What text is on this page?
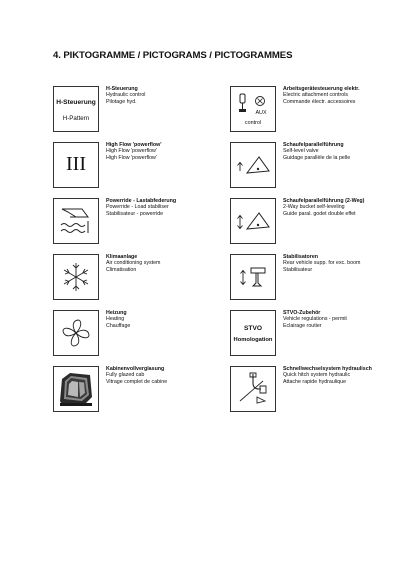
4. PIKTOGRAMME / PICTOGRAMS / PICTOGRAMMES
H-Steuerung
H-Pattern
H-Steuerung
Hydraulic control
Pilotage hyd.
AUX
control
Arbeitsgerätesteuerung elektr.
Electric attachment controls
Commande électr. accessoires
III
High Flow 'powerflow'
High Flow 'powerflow'
High Flow 'powerflow'
Schaufelparallelführung
Self-level valve
Guidage parallèle de la pelle
Powerride - Lastabfederung
Powerride - Load stabiliser
Stabilisateur - powerride
Schaufelparallelführung (2-Weg)
2-Way bucket self-leveling
Guide paral. godet double effet
Klimaanlage
Air conditioning system
Climatisation
Stabilisatoren
Rear vehicle supp. for exc. boom
Stabilisateur
Heizung
Heating
Chauffage	STVO
Homologation
STVO-Zubehör
Vehicle regulations - permit
Eclairage routier
Kabinenvollverglasung
Fully glazed cab
Vitrage complet de cabine
Schnellwechselsystem hydraulisch
Quick hitch system hydraulic
Attache rapide hydraulique
